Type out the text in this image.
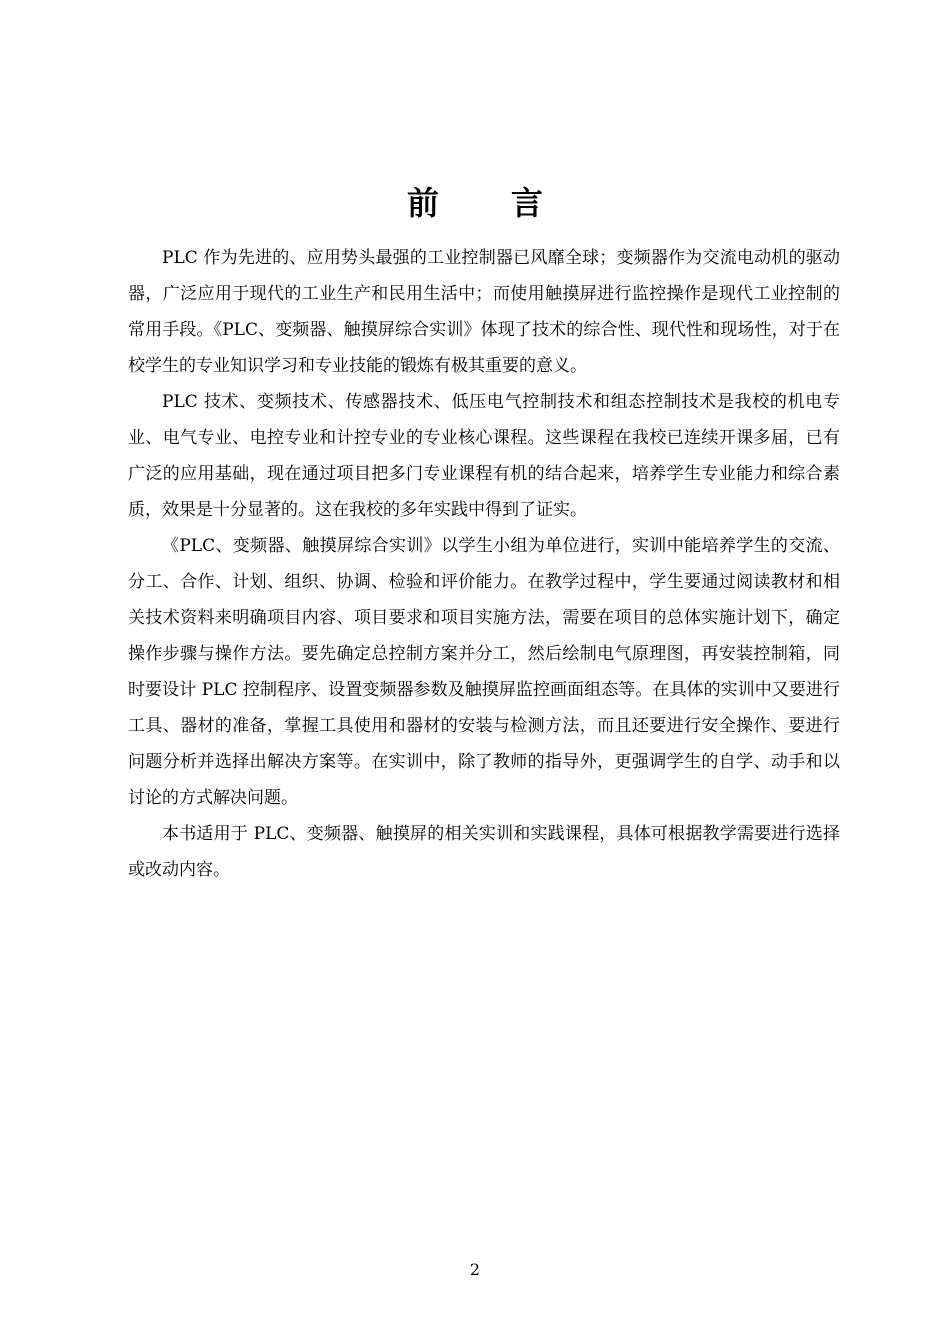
前 言

PLC 作为先进的、应用势头最强的工业控制器已风靡全球；变频器作为交流电动机的驱动器，广泛应用于现代的工业生产和民用生活中；而使用触摸屏进行监控操作是现代工业控制的常用手段。《PLC、变频器、触摸屏综合实训》体现了技术的综合性、现代性和现场性，对于在校学生的专业知识学习和专业技能的锻炼有极其重要的意义。

PLC 技术、变频技术、传感器技术、低压电气控制技术和组态控制技术是我校的机电专业、电气专业、电控专业和计控专业的专业核心课程。这些课程在我校已连续开课多届，已有广泛的应用基础，现在通过项目把多门专业课程有机的结合起来，培养学生专业能力和综合素质，效果是十分显著的。这在我校的多年实践中得到了证实。

《PLC、变频器、触摸屏综合实训》以学生小组为单位进行，实训中能培养学生的交流、分工、合作、计划、组织、协调、检验和评价能力。在教学过程中，学生要通过阅读教材和相关技术资料来明确项目内容、项目要求和项目实施方法，需要在项目的总体实施计划下，确定操作步骤与操作方法。要先确定总控制方案并分工，然后绘制电气原理图，再安装控制箱，同时要设计 PLC 控制程序、设置变频器参数及触摸屏监控画面组态等。在具体的实训中又要进行工具、器材的准备，掌握工具使用和器材的安装与检测方法，而且还要进行安全操作、要进行问题分析并选择出解决方案等。在实训中，除了教师的指导外，更强调学生的自学、动手和以讨论的方式解决问题。

本书适用于 PLC、变频器、触摸屏的相关实训和实践课程，具体可根据教学需要进行选择或改动内容。

2
